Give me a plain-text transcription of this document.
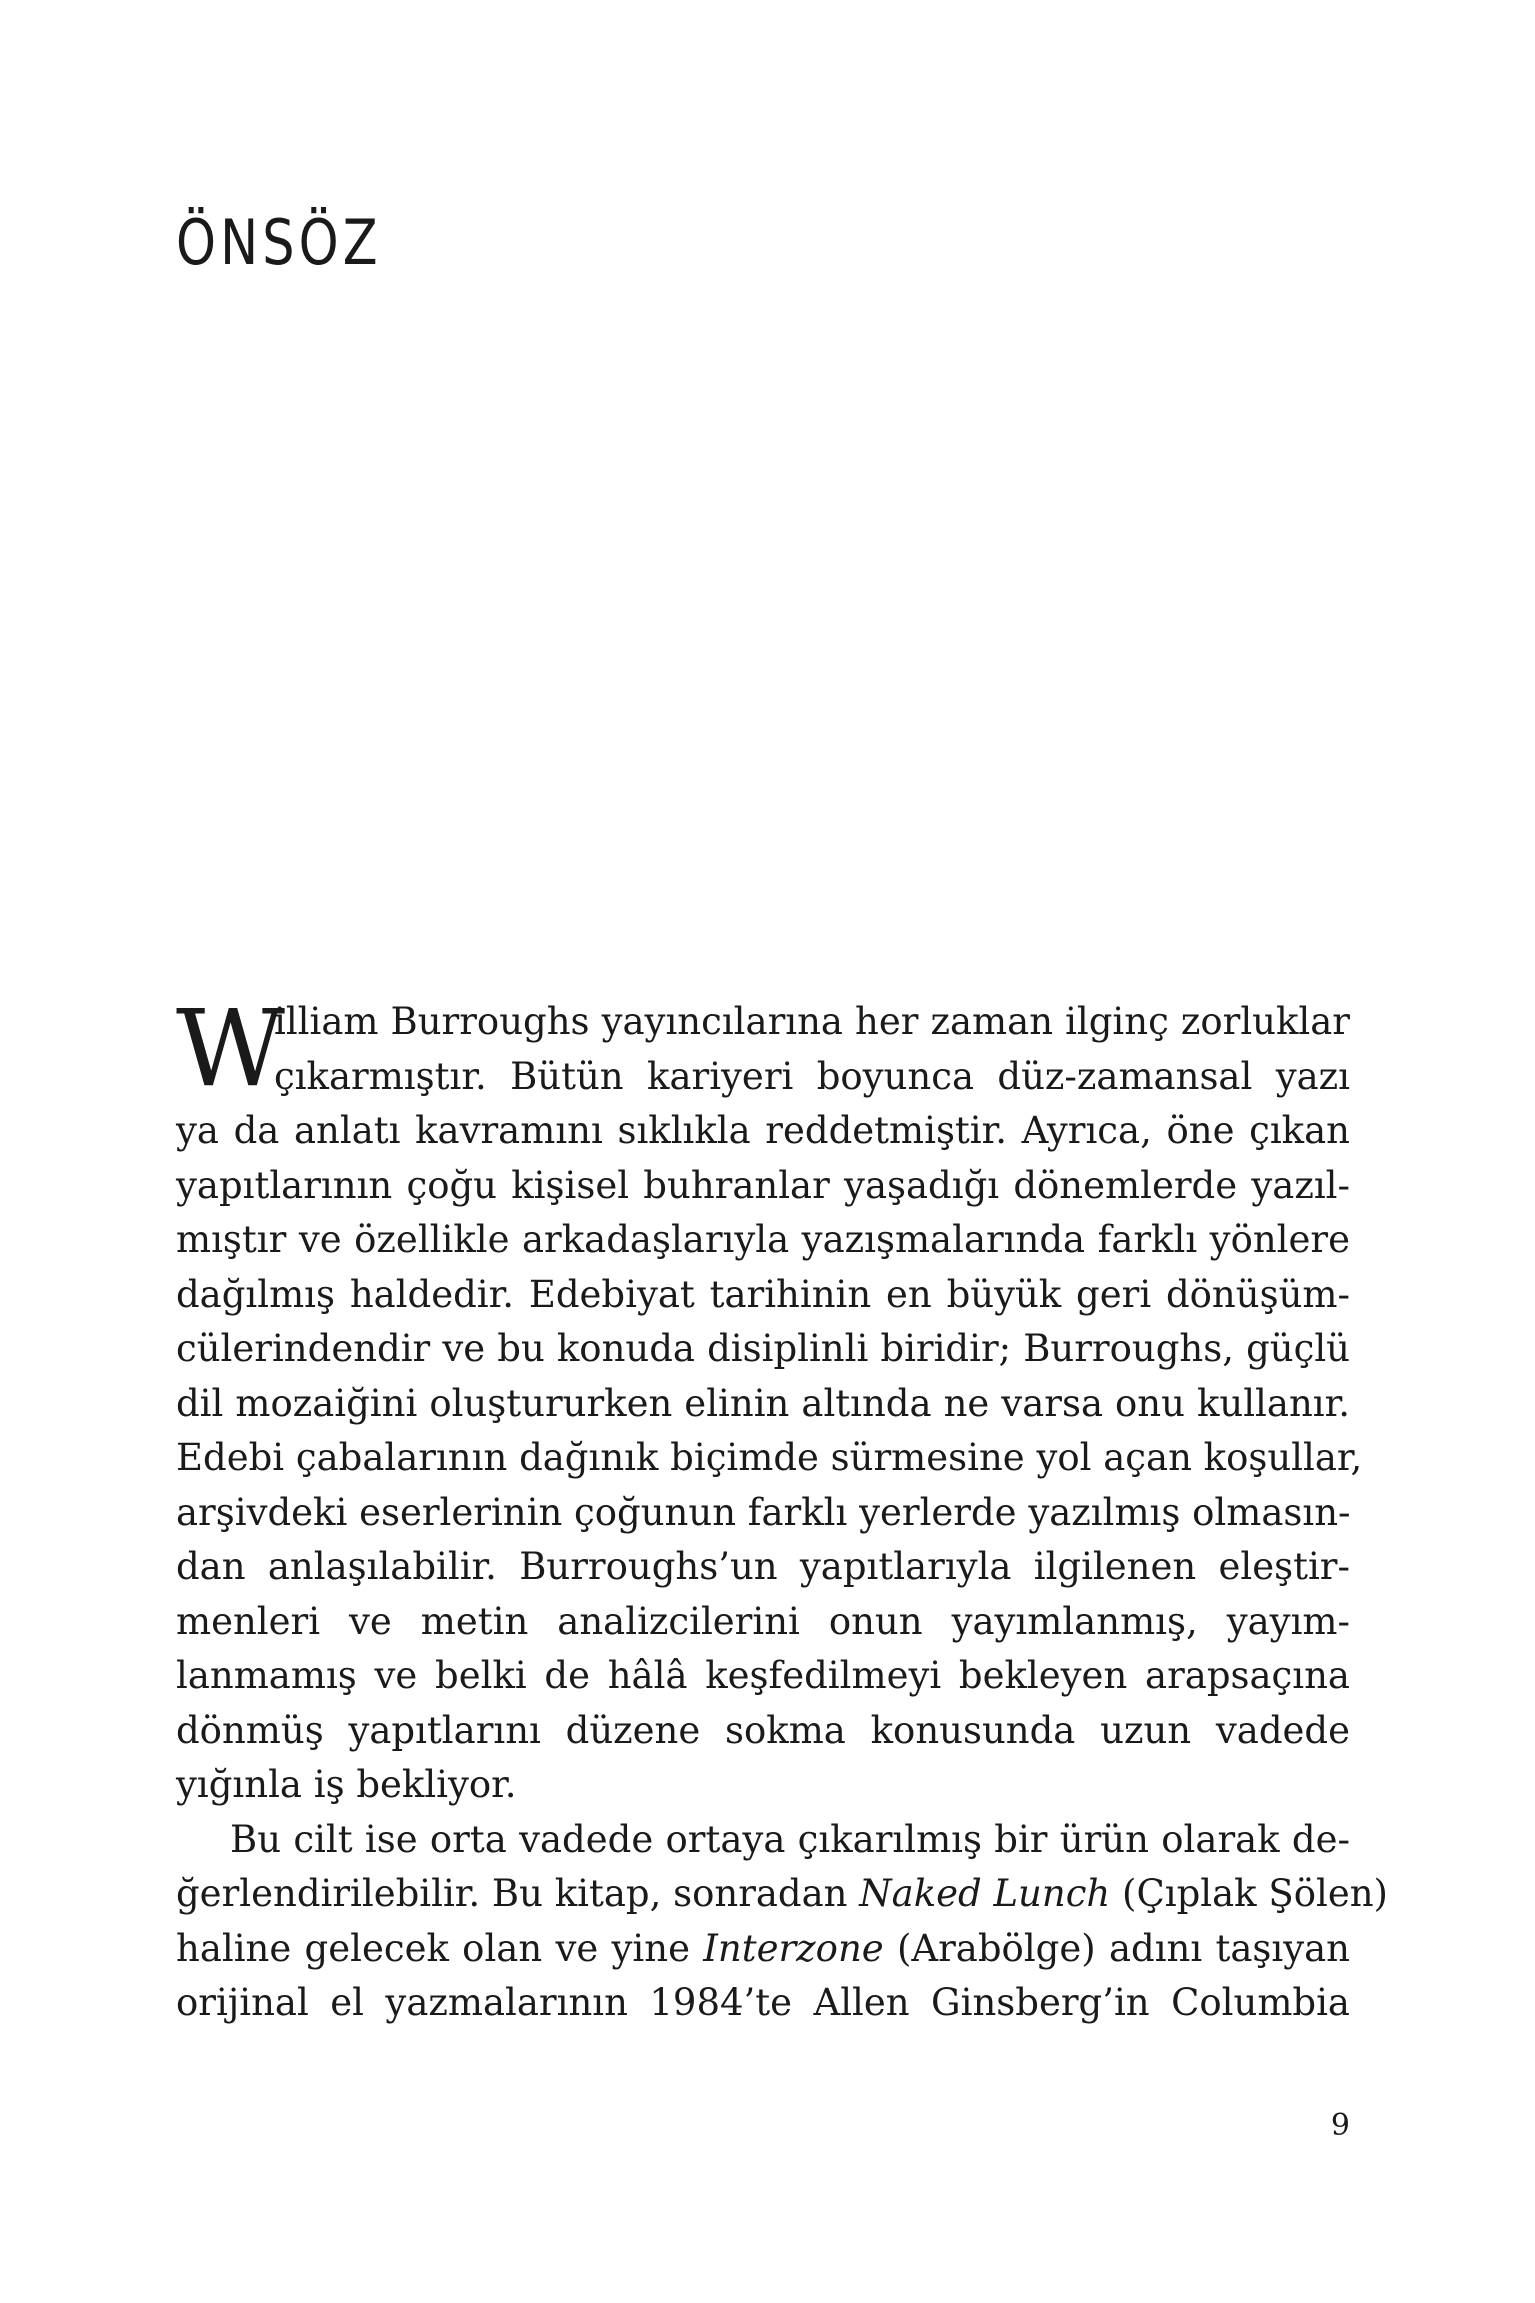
ÖNSÖZ
W
illiam Burroughs yayıncılarına her zaman ilginç zorluklar
çıkarmıştır. Bütün kariyeri boyunca düz-zamansal yazı
ya da anlatı kavramını sıklıkla reddetmiştir. Ayrıca, öne çıkan
yapıtlarının çoğu kişisel buhranlar yaşadığı dönemlerde yazıl-
mıştır ve özellikle arkadaşlarıyla yazışmalarında farklı yönlere
dağılmış haldedir. Edebiyat tarihinin en büyük geri dönüşüm-
cülerindendir ve bu konuda disiplinli biridir; Burroughs, güçlü
dil mozaiğini oluştururken elinin altında ne varsa onu kullanır.
Edebi çabalarının dağınık biçimde sürmesine yol açan koşullar,
arşivdeki eserlerinin çoğunun farklı yerlerde yazılmış olmasın-
dan anlaşılabilir. Burroughs’un yapıtlarıyla ilgilenen eleştir-
menleri ve metin analizcilerini onun yayımlanmış, yayım-
lanmamış ve belki de hâlâ keşfedilmeyi bekleyen arapsaçına
dönmüş yapıtlarını düzene sokma konusunda uzun vadede
yığınla iş bekliyor.
Bu cilt ise orta vadede ortaya çıkarılmış bir ürün olarak de-
ğerlendirilebilir. Bu kitap, sonradan Naked Lunch (Çıplak Şölen)
haline gelecek olan ve yine Interzone (Arabölge) adını taşıyan
orijinal el yazmalarının 1984’te Allen Ginsberg’in Columbia
9
